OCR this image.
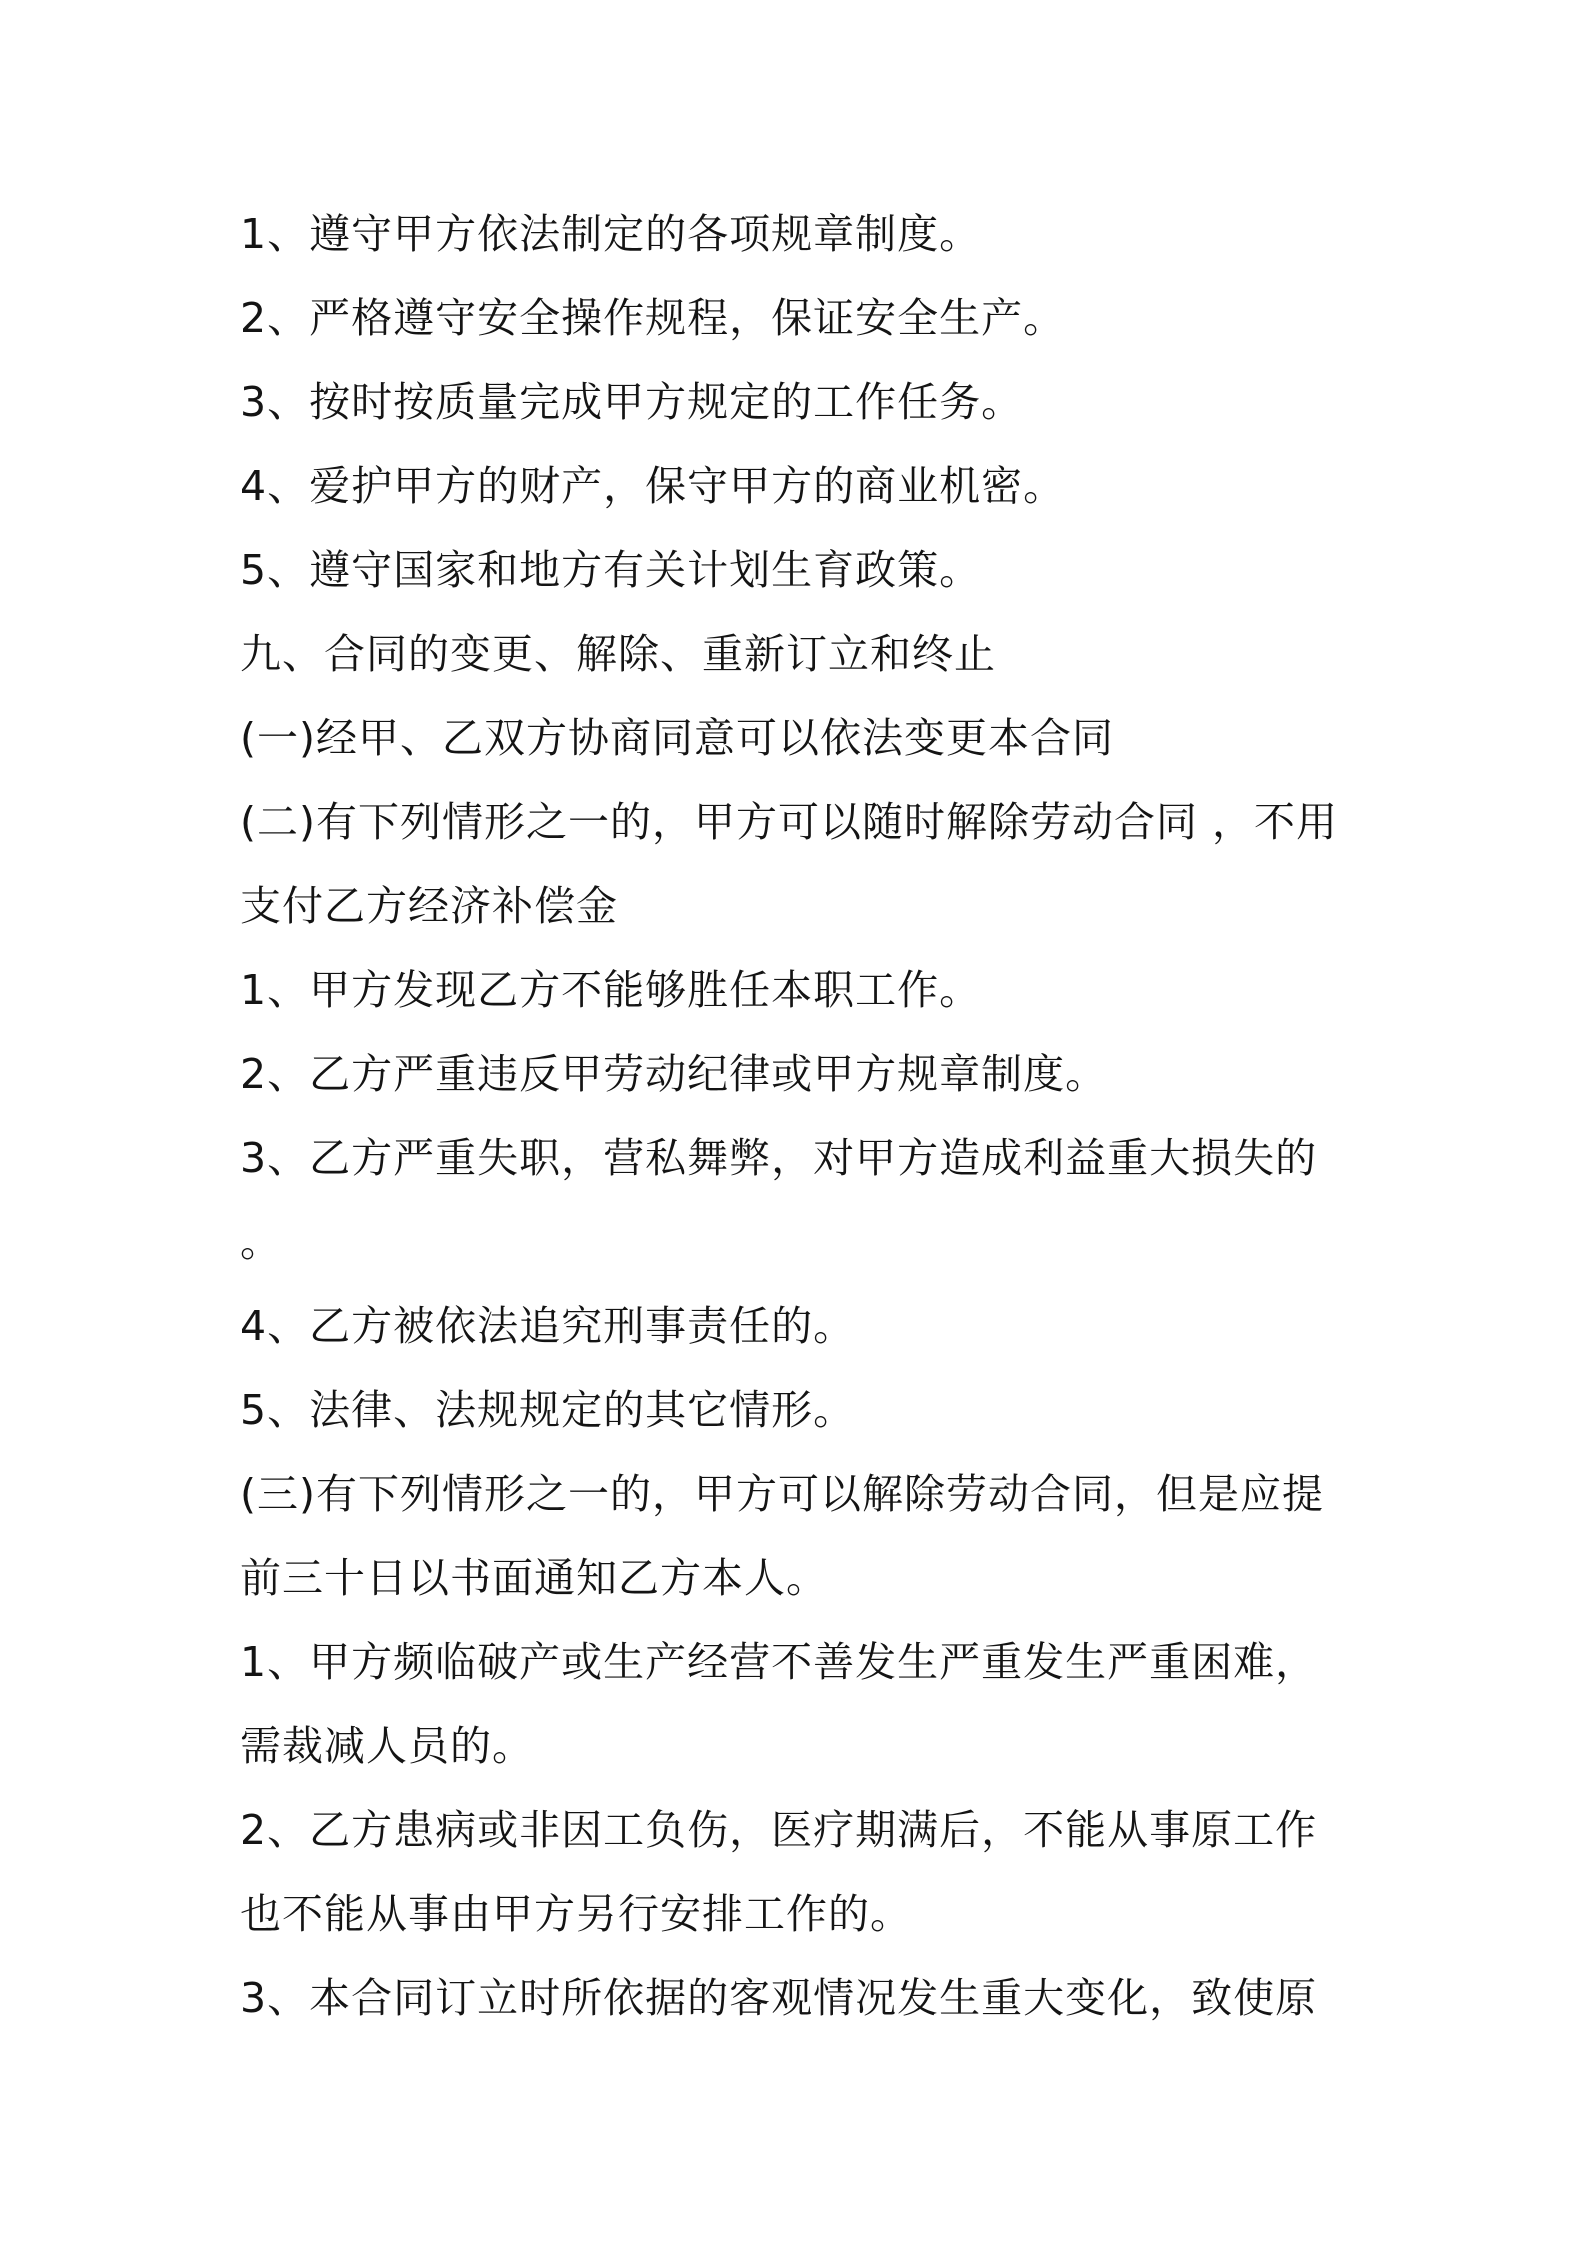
1、遵守甲方依法制定的各项规章制度。

2、严格遵守安全操作规程，保证安全生产。

3、按时按质量完成甲方规定的工作任务。

4、爱护甲方的财产，保守甲方的商业机密。

5、遵守国家和地方有关计划生育政策。

九、合同的变更、解除、重新订立和终止

(一)经甲、乙双方协商同意可以依法变更本合同

(二)有下列情形之一的，甲方可以随时解除劳动合同 ，不用

支付乙方经济补偿金

1、甲方发现乙方不能够胜任本职工作。

2、乙方严重违反甲劳动纪律或甲方规章制度。

3、乙方严重失职，营私舞弊，对甲方造成利益重大损失的

。

4、乙方被依法追究刑事责任的。

5、法律、法规规定的其它情形。

(三)有下列情形之一的，甲方可以解除劳动合同，但是应提

前三十日以书面通知乙方本人。

1、甲方频临破产或生产经营不善发生严重发生严重困难，

需裁减人员的。

2、乙方患病或非因工负伤，医疗期满后，不能从事原工作

也不能从事由甲方另行安排工作的。

3、本合同订立时所依据的客观情况发生重大变化，致使原
